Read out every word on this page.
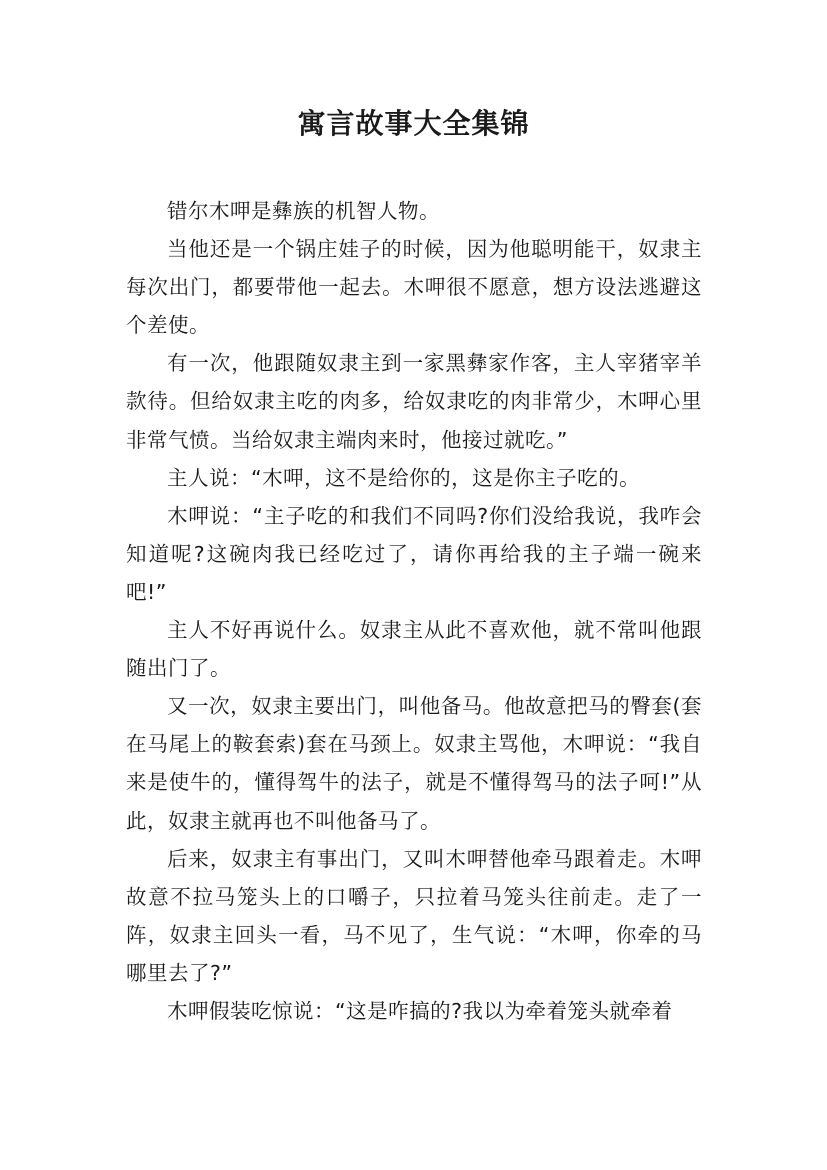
寓言故事大全集锦

错尔木呷是彝族的机智人物。

当他还是一个锅庄娃子的时候，因为他聪明能干，奴隶主每次出门，都要带他一起去。木呷很不愿意，想方设法逃避这个差使。

有一次，他跟随奴隶主到一家黑彝家作客，主人宰猪宰羊款待。但给奴隶主吃的肉多，给奴隶吃的肉非常少，木呷心里非常气愤。当给奴隶主端肉来时，他接过就吃。”

主人说：“木呷，这不是给你的，这是你主子吃的。

木呷说：“主子吃的和我们不同吗?你们没给我说，我咋会知道呢?这碗肉我已经吃过了，请你再给我的主子端一碗来吧!”

主人不好再说什么。奴隶主从此不喜欢他，就不常叫他跟随出门了。

又一次，奴隶主要出门，叫他备马。他故意把马的臀套(套在马尾上的鞍套索)套在马颈上。奴隶主骂他，木呷说：“我自来是使牛的，懂得驾牛的法子，就是不懂得驾马的法子呵!”从此，奴隶主就再也不叫他备马了。

后来，奴隶主有事出门，又叫木呷替他牵马跟着走。木呷故意不拉马笼头上的口嚼子，只拉着马笼头往前走。走了一阵，奴隶主回头一看，马不见了，生气说：“木呷，你牵的马哪里去了?”

木呷假装吃惊说：“这是咋搞的?我以为牵着笼头就牵着
